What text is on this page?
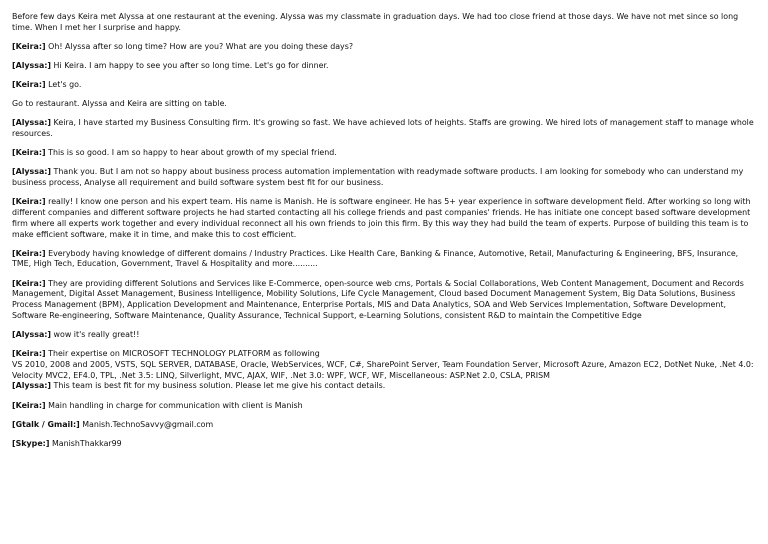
Before few days Keira met Alyssa at one restaurant at the evening. Alyssa was my classmate in graduation days. We had too close friend at those days. We have not met since so long time. When I met her I surprise and happy.

[Keira:] Oh! Alyssa after so long time? How are you? What are you doing these days?

[Alyssa:] Hi Keira. I am happy to see you after so long time. Let's go for dinner.

[Keira:] Let's go.

Go to restaurant. Alyssa and Keira are sitting on table.

[Alyssa:] Keira, I have started my Business Consulting firm. It's growing so fast. We have achieved lots of heights. Staffs are growing. We hired lots of management staff to manage whole resources.

[Keira:] This is so good. I am so happy to hear about growth of my special friend.

[Alyssa:] Thank you. But I am not so happy about business process automation implementation with readymade software products. I am looking for somebody who can understand my business process, Analyse all requirement and build software system best fit for our business.

[Keira:] really! I know one person and his expert team. His name is Manish. He is software engineer. He has 5+ year experience in software development field. After working so long with different companies and different software projects he had started contacting all his college friends and past companies' friends. He has initiate one concept based software development firm where all experts work together and every individual reconnect all his own friends to join this firm. By this way they had build the team of experts. Purpose of building this team is to make efficient software, make it in time, and make this to cost efficient.

[Keira:] Everybody having knowledge of different domains / Industry Practices. Like Health Care, Banking & Finance, Automotive, Retail, Manufacturing & Engineering, BFS, Insurance, TME, High Tech, Education, Government, Travel & Hospitality and more..........

[Keira:] They are providing different Solutions and Services like E-Commerce, open-source web cms, Portals & Social Collaborations, Web Content Management, Document and Records Management, Digital Asset Management, Business Intelligence, Mobility Solutions, Life Cycle Management, Cloud based Document Management System, Big Data Solutions, Business Process Management (BPM), Application Development and Maintenance, Enterprise Portals, MIS and Data Analytics, SOA and Web Services Implementation, Software Development, Software Re-engineering, Software Maintenance, Quality Assurance, Technical Support, e-Learning Solutions, consistent R&D to maintain the Competitive Edge

[Alyssa:] wow it's really great!!

[Keira:] Their expertise on MICROSOFT TECHNOLOGY PLATFORM as following
VS 2010, 2008 and 2005, VSTS, SQL SERVER, DATABASE, Oracle, WebServices, WCF, C#, SharePoint Server, Team Foundation Server, Microsoft Azure, Amazon EC2, DotNet Nuke, .Net 4.0: Velocity MVC2, EF4.0, TPL, .Net 3.5: LINQ, Silverlight, MVC, AJAX, WIF, .Net 3.0: WPF, WCF, WF, Miscellaneous: ASP.Net 2.0, CSLA, PRISM
[Alyssa:] This team is best fit for my business solution. Please let me give his contact details.

[Keira:] Main handling in charge for communication with client is Manish

[Gtalk / Gmail:] Manish.TechnoSavvy@gmail.com

[Skype:] ManishThakkar99
